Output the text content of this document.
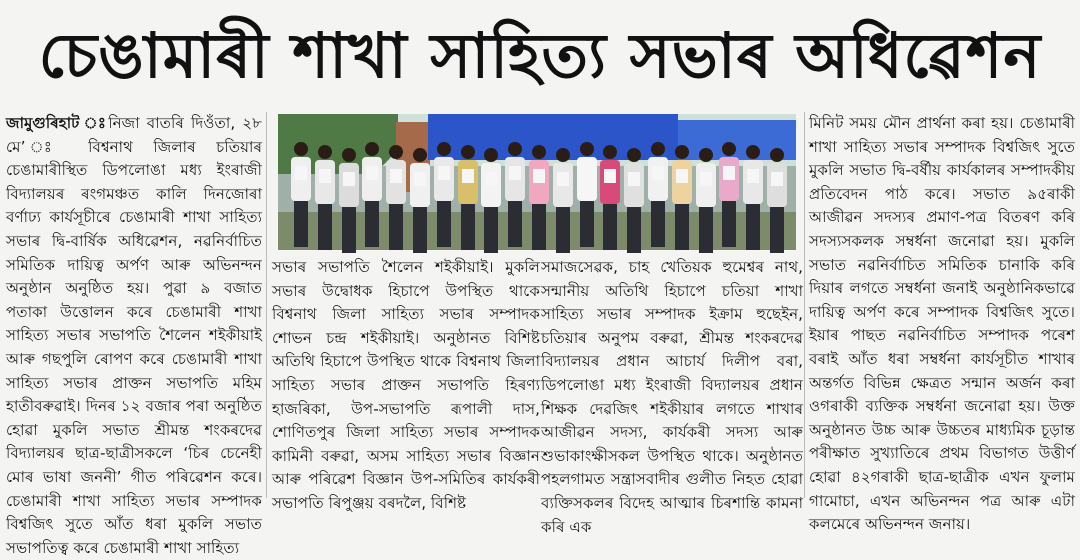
চেঙামাৰী শাখা সাহিত্য সভাৰ অধিৱেশন

জামুগুৰিহাট ঃনিজা বাতৰি দিওঁতা, ২৮ মে’ ঃ বিশ্বনাথ জিলাৰ চতিয়াৰ চেঙামাৰীস্থিত ডিপলোঙা মধ্য ইংৰাজী বিদ্যালয়ৰ ৰংগমঞ্চত কালি দিনজোৰা বৰ্ণাঢ্য কাৰ্যসূচীৰে চেঙামাৰী শাখা সাহিত্য সভাৰ দ্বি-বাৰ্ষিক অধিৱেশন, নৱনিৰ্বাচিত সমিতিক দায়িত্ব অৰ্পণ আৰু অভিনন্দন অনুষ্ঠান অনুষ্ঠিত হয়। পুৱা ৯ বজাত পতাকা উত্তোলন কৰে চেঙামাৰী শাখা সাহিত্য সভাৰ সভাপতি শৈলেন শইকীয়াই আৰু গছপুলি ৰোপণ কৰে চেঙামাৰী শাখা সাহিত্য সভাৰ প্ৰাক্তন সভাপতি মহিম হাতীবৰুৱাই। দিনৰ ১২ বজাৰ পৰা অনুষ্ঠিত হোৱা মুকলি সভাত শ্ৰীমন্ত শংকৰদেৱ বিদ্যালয়ৰ ছাত্ৰ-ছাত্ৰীসকলে ‘চিৰ চেনেহী মোৰ ভাষা জননী’ গীত পৰিৱেশন কৰে। চেঙামাৰী শাখা সাহিত্য সভাৰ সম্পাদক বিশ্বজিৎ সুতে আঁত ধৰা মুকলি সভাত সভাপতিত্ব কৰে চেঙামাৰী শাখা সাহিত্য

সভাৰ সভাপতি শৈলেন শইকীয়াই। মুকলি সভাৰ উদ্বোধক হিচাপে উপস্থিত থাকে বিশ্বনাথ জিলা সাহিত্য সভাৰ সম্পাদক শোভন চন্দ্ৰ শইকীয়াই। অনুষ্ঠানত বিশিষ্ট অতিথি হিচাপে উপস্থিত থাকে বিশ্বনাথ জিলা সাহিত্য সভাৰ প্ৰাক্তন সভাপতি হিৰণ্য হাজৰিকা, উপ-সভাপতি ৰূপালী দাস, শোণিতপুৰ জিলা সাহিত্য সভাৰ সম্পাদক কামিনী বৰুৱা, অসম সাহিত্য সভাৰ বিজ্ঞান আৰু পৰিৱেশ বিজ্ঞান উপ-সমিতিৰ কাৰ্যকৰী সভাপতি ৰিপুঞ্জয় বৰদলৈ, বিশিষ্ট

সমাজসেৱক, চাহ খেতিয়ক হুমেশ্বৰ নাথ, সন্মানীয় অতিথি হিচাপে চতিয়া শাখা সাহিত্য সভাৰ সম্পাদক ইক্ৰাম হুছেইন, চতিয়াৰ অনুপম বৰুৱা, শ্ৰীমন্ত শংকৰদেৱ বিদ্যালয়ৰ প্ৰধান আচাৰ্য দিলীপ বৰা, ডিপলোঙা মধ্য ইংৰাজী বিদ্যালয়ৰ প্ৰধান শিক্ষক দেৱজিৎ শইকীয়াৰ লগতে শাখাৰ আজীৱন সদস্য, কাৰ্যকৰী সদস্য আৰু শুভাকাংক্ষীসকল উপস্থিত থাকে। অনুষ্ঠানত পহলগামত সন্ত্ৰাসবাদীৰ গুলীত নিহত হোৱা ব্যক্তিসকলৰ বিদেহ আত্মাৰ চিৰশান্তি কামনা কৰি এক

মিনিট সময় মৌন প্ৰাৰ্থনা কৰা হয়। চেঙামাৰী শাখা সাহিত্য সভাৰ সম্পাদক বিশ্বজিৎ সুতে মুকলি সভাত দ্বি-বৰ্ষীয় কাৰ্যকালৰ সম্পাদকীয় প্ৰতিবেদন পাঠ কৰে। সভাত ৯৫ৰাকী আজীৱন সদস্যৰ প্ৰমাণ-পত্ৰ বিতৰণ কৰি সদস্যসকলক সম্বৰ্ধনা জনোৱা হয়। মুকলি সভাত নৱনিৰ্বাচিত সমিতিক চানাকি কৰি দিয়াৰ লগতে সম্বৰ্ধনা জনাই অনুষ্ঠানিকভাৱে দায়িত্ব অৰ্পণ কৰে সম্পাদক বিশ্বজিৎ সুতে। ইয়াৰ পাছত নৱনিৰ্বাচিত সম্পাদক পৰেশ বৰাই আঁত ধৰা সম্বৰ্ধনা কাৰ্যসূচীত শাখাৰ অন্তৰ্গত বিভিন্ন ক্ষেত্ৰত সন্মান অৰ্জন কৰা ওগৰাকী ব্যক্তিক সম্বৰ্ধনা জনোৱা হয়। উক্ত অনুষ্ঠানত উচ্চ আৰু উচ্চতৰ মাধ্যমিক চূড়ান্ত পৰীক্ষাত সুখ্যাতিৰে প্ৰথম বিভাগত উত্তীৰ্ণ হোৱা ৪২গৰাকী ছাত্ৰ-ছাত্ৰীক এখন ফুলাম গামোচা, এখন অভিনন্দন পত্ৰ আৰু এটা কলমেৰে অভিনন্দন জনায়।
